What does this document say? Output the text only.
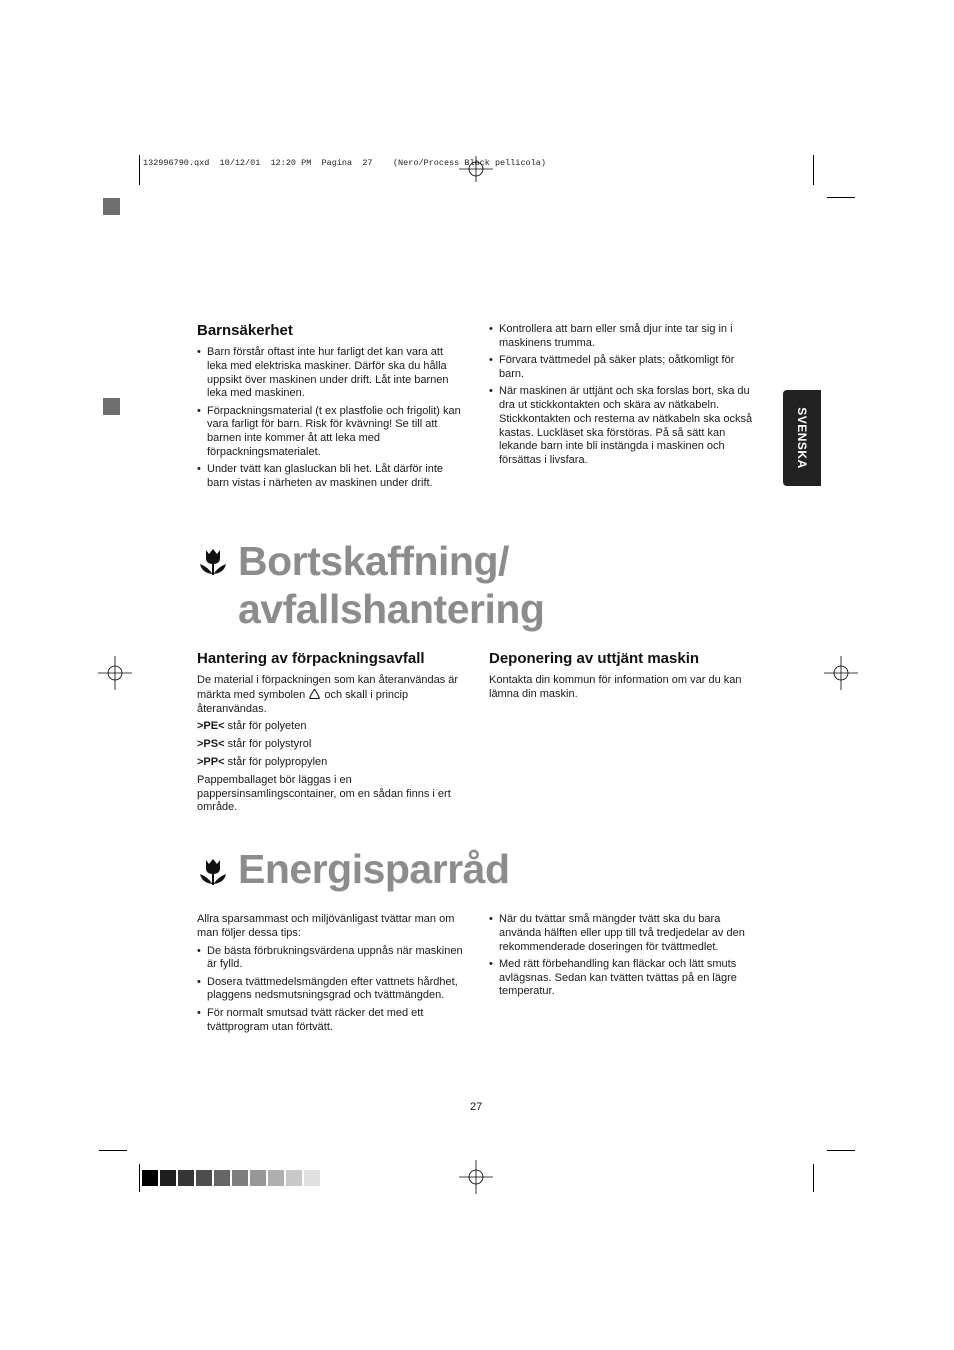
132996790.qxd  10/12/01  12:20 PM  Pagina  27    (Nero/Process Black pellicola)
SVENSKA
Barnsäkerhet
• Barn förstår oftast inte hur farligt det kan vara att leka med elektriska maskiner. Därför ska du hålla uppsikt över maskinen under drift. Låt inte barnen leka med maskinen.
• Förpackningsmaterial (t ex plastfolie och frigolit) kan vara farligt för barn. Risk för kvävning! Se till att barnen inte kommer åt att leka med förpackningsmaterialet.
• Under tvätt kan glasluckan bli het. Låt därför inte barn vistas i närheten av maskinen under drift.
• Kontrollera att barn eller små djur inte tar sig in i maskinens trumma.
• Förvara tvättmedel på säker plats; oåtkomligt för barn.
• När maskinen är uttjänt och ska forslas bort, ska du dra ut stickkontakten och skära av nätkabeln. Stickkontakten och resterna av nätkabeln ska också kastas. Luckläset ska förstöras. På så sätt kan lekande barn inte bli instängda i maskinen och försättas i livsfara.
Bortskaffning/
avfallshantering
Hantering av förpackningsavfall

De material i förpackningen som kan återanvändas är märkta med symbolen och skall i princip återanvändas.

>PE< står för polyeten

>PS< står för polystyrol

>PP< står för polypropylen

Pappemballaget bör läggas i en pappersinsamlingscontainer, om en sådan finns i ert område.

Deponering av uttjänt maskin

Kontakta din kommun för information om var du kan lämna din maskin.

Energisparråd

Allra sparsammast och miljövänligast tvättar man om man följer dessa tips:

• De bästa förbrukningsvärdena uppnås när maskinen är fylld.
• Dosera tvättmedelsmängden efter vattnets hårdhet, plaggens nedsmutsningsgrad och tvättmängden.
• För normalt smutsad tvätt räcker det med ett tvättprogram utan förtvätt.
• När du tvättar små mängder tvätt ska du bara använda hälften eller upp till två tredjedelar av den rekommenderade doseringen för tvättmedlet.
• Med rätt förbehandling kan fläckar och lätt smuts avlägsnas. Sedan kan tvätten tvättas på en lägre temperatur.
27
